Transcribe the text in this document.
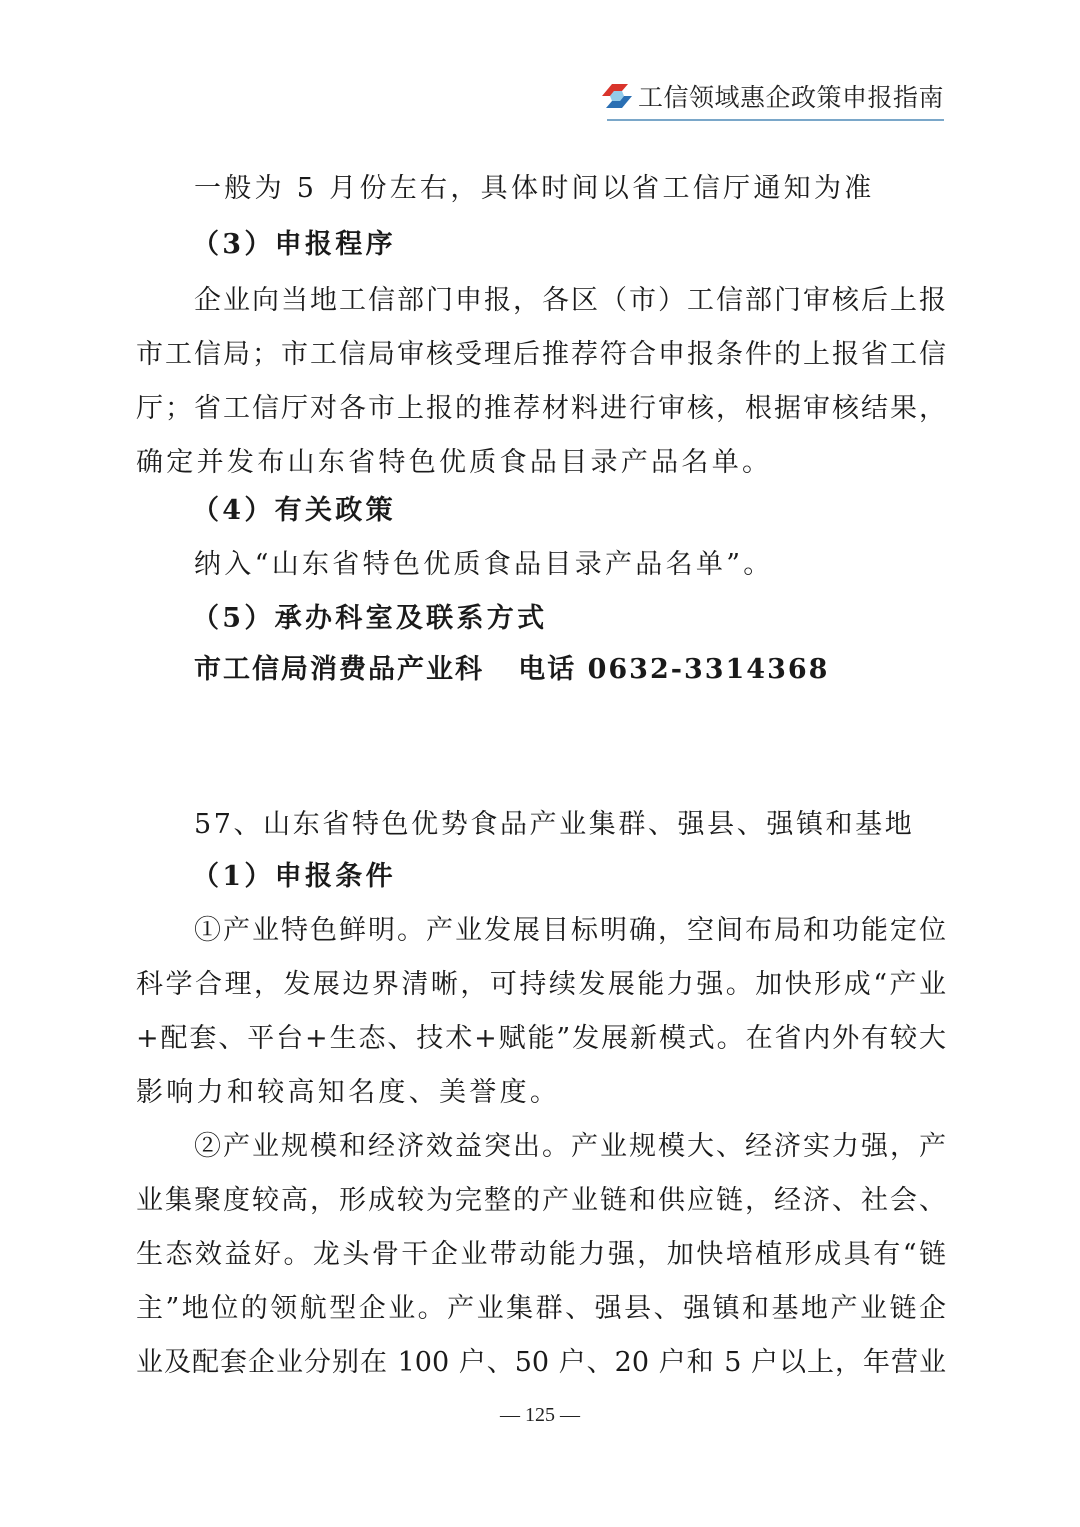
工信领域惠企政策申报指南
一般为 5 月份左右，具体时间以省工信厅通知为准
（3）申报程序
企业向当地工信部门申报，各区（市）工信部门审核后上报
市工信局；市工信局审核受理后推荐符合申报条件的上报省工信
厅；省工信厅对各市上报的推荐材料进行审核，根据审核结果，
确定并发布山东省特色优质食品目录产品名单。
（4）有关政策
纳入“山东省特色优质食品目录产品名单”。
（5）承办科室及联系方式
市工信局消费品产业科   电话 0632-3314368
57、山东省特色优势食品产业集群、强县、强镇和基地
（1）申报条件
①产业特色鲜明。产业发展目标明确，空间布局和功能定位
科学合理，发展边界清晰，可持续发展能力强。加快形成“产业
+配套、平台+生态、技术+赋能”发展新模式。在省内外有较大
影响力和较高知名度、美誉度。
②产业规模和经济效益突出。产业规模大、经济实力强，产
业集聚度较高，形成较为完整的产业链和供应链，经济、社会、
生态效益好。龙头骨干企业带动能力强，加快培植形成具有“链
主”地位的领航型企业。产业集群、强县、强镇和基地产业链企
业及配套企业分别在 100 户、50 户、20 户和 5 户以上，年营业
— 125 —
